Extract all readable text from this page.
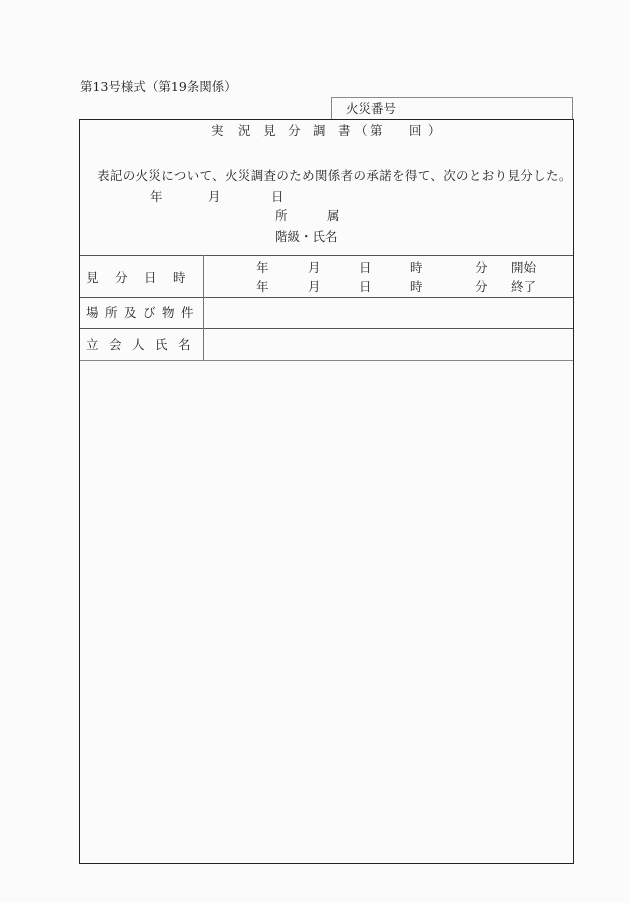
第13号様式（第19条関係）
火災番号
実 況 見 分 調 書 （ 第 回 ）
表記の火災について、火災調査のため関係者の承諾を得て、次のとおり見分した。
年	月	日
所	属
階級・氏名
見 分 日 時
年	月	日	時	分 開始
年	月	日	時	分 終了
場 所 及 び 物 件
立 会 人 氏 名
